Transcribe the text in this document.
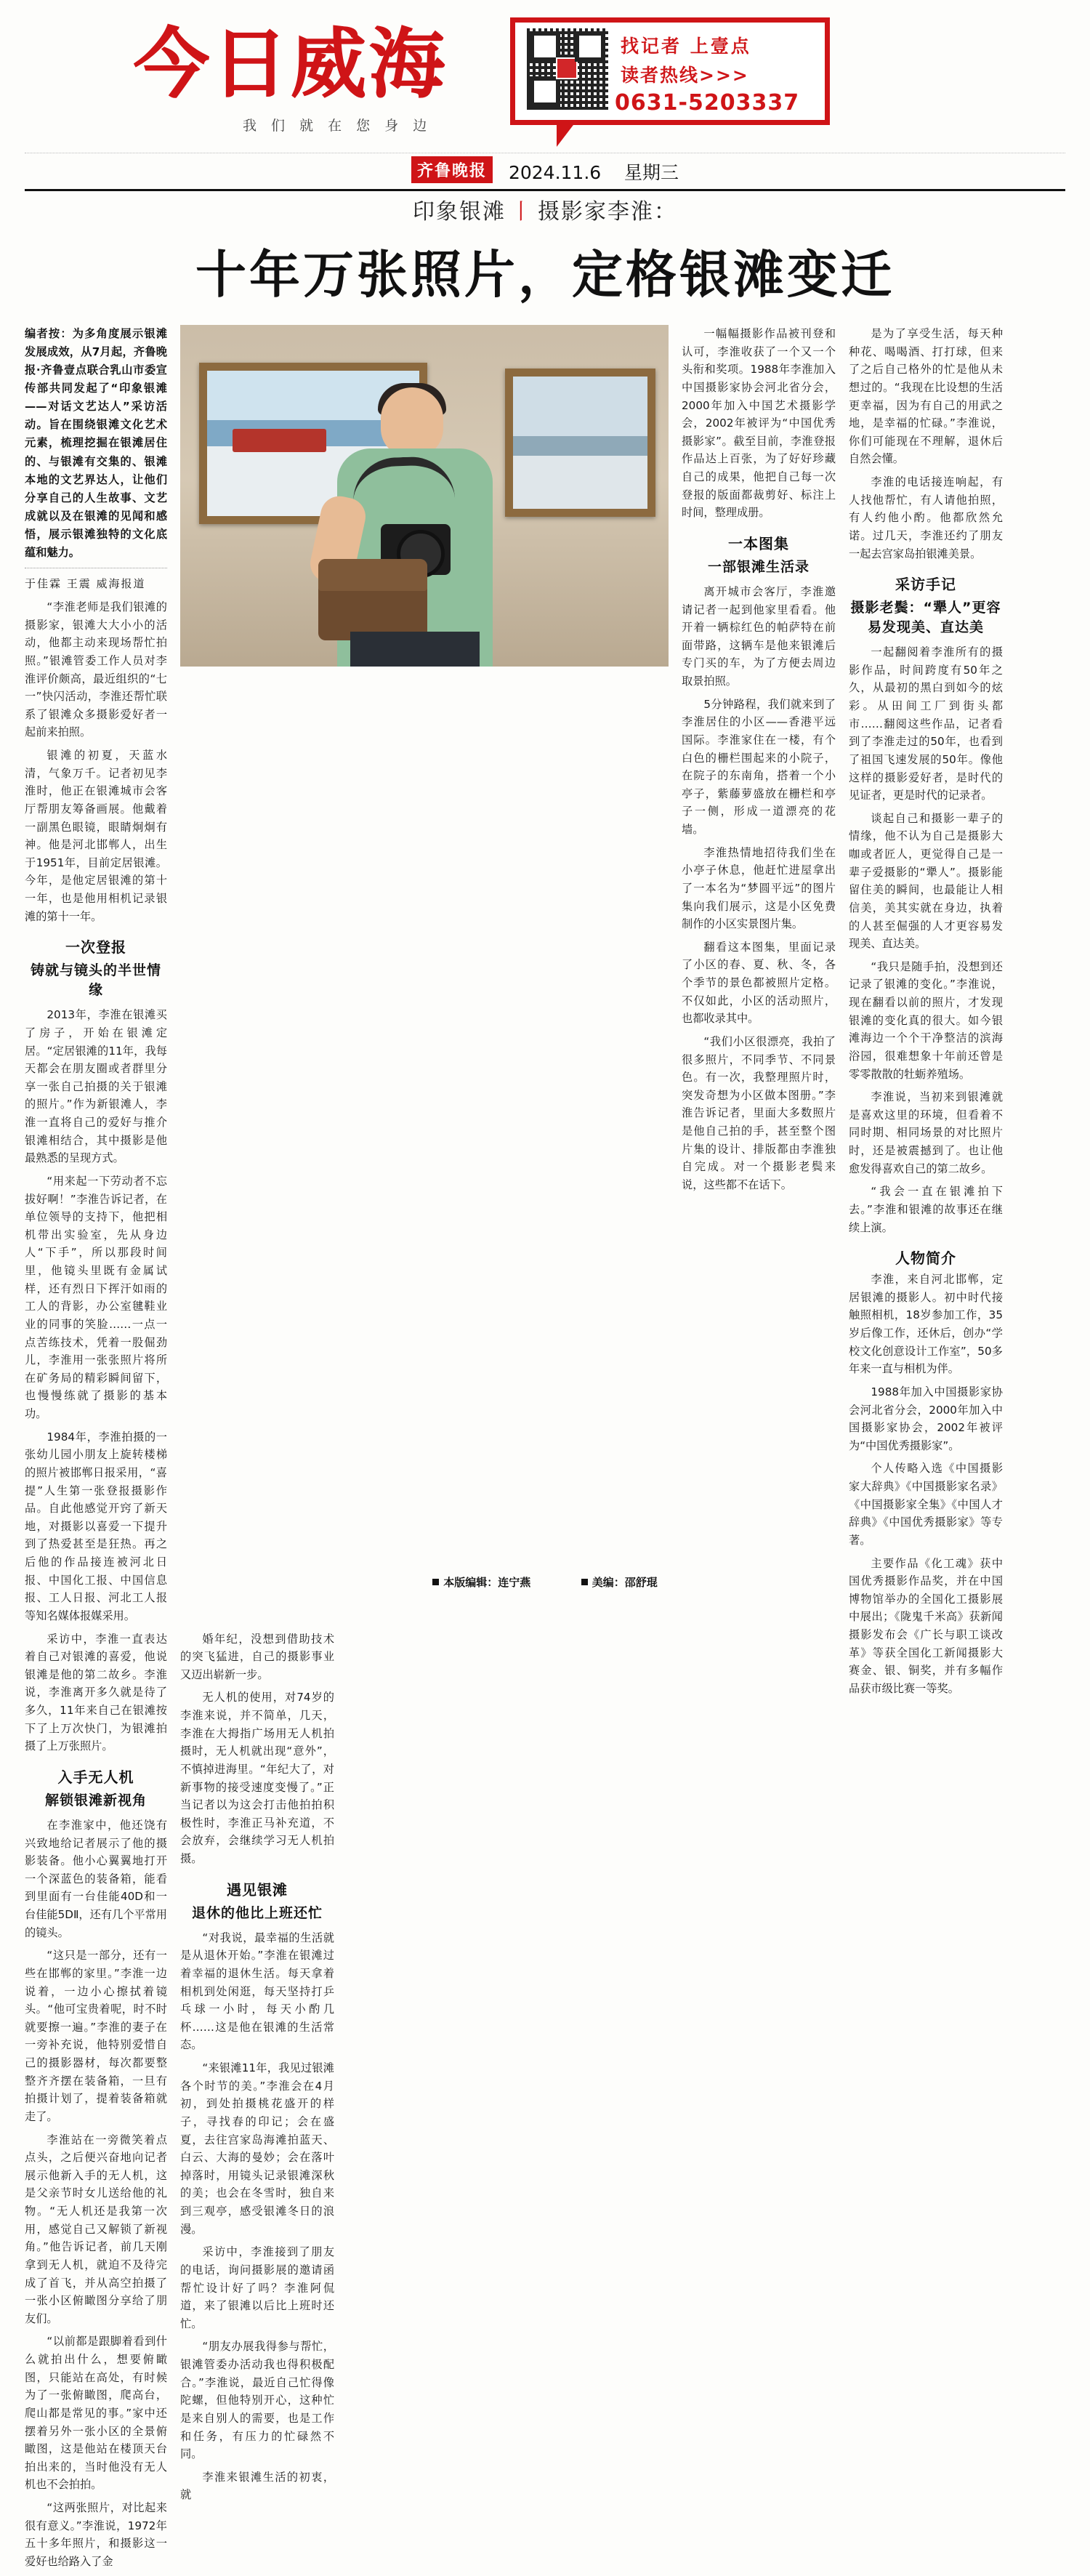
今日威海
我 们 就 在 您 身 边
找记者 上壹点
读者热线>>>
0631-5203337
齐鲁晚报 2024.11.6 星期三
印象银滩 丨 摄影家李淮：
十年万张照片，定格银滩变迁
编者按：为多角度展示银滩发展成效，从7月起，齐鲁晚报·齐鲁壹点联合乳山市委宣传部共同发起了“印象银滩——对话文艺达人”采访活动。旨在围绕银滩文化艺术元素，梳理挖掘在银滩居住的、与银滩有交集的、银滩本地的文艺界达人，让他们分享自己的人生故事、文艺成就以及在银滩的见闻和感悟，展示银滩独特的文化底蕴和魅力。
于佳霖 王震 威海报道

“李淮老师是我们银滩的摄影家，银滩大大小小的活动，他都主动来现场帮忙拍照。”银滩管委工作人员对李淮评价颇高，最近组织的“七一”快闪活动，李淮还帮忙联系了银滩众多摄影爱好者一起前来拍照。

银滩的初夏，天蓝水清，气象万千。记者初见李淮时，他正在银滩城市会客厅帮朋友筹备画展。他戴着一副黑色眼镜，眼睛炯炯有神。他是河北邯郸人，出生于1951年，目前定居银滩。今年，是他定居银滩的第十一年，也是他用相机记录银滩的第十一年。

一次登报
铸就与镜头的半世情缘

2013年，李淮在银滩买了房子，开始在银滩定居。“定居银滩的11年，我每天都会在朋友圈或者群里分享一张自己拍摄的关于银滩的照片。”作为新银滩人，李淮一直将自己的爱好与推介银滩相结合，其中摄影是他最熟悉的呈现方式。

“用来起一下劳动者不忘拔好啊！”李淮告诉记者，在单位领导的支持下，他把相机带出实验室，先从身边人“下手”，所以那段时间里，他镜头里既有金属试样，还有烈日下挥汗如雨的工人的背影，办公室毽鞋业业的同事的笑脸……一点一点苦练技术，凭着一股倔劲儿，李淮用一张张照片将所在矿务局的精彩瞬间留下，也慢慢练就了摄影的基本功。

1984年，李淮拍摄的一张幼儿园小朋友上旋转楼梯的照片被邯郸日报采用，“喜提”人生第一张登报摄影作品。自此他感觉开窍了新天地，对摄影以喜爱一下提升到了热爱甚至是狂热。再之后他的作品接连被河北日报、中国化工报、中国信息报、工人日报、河北工人报等知名媒体报媒采用。

一幅幅摄影作品被刊登和认可，李淮收获了一个又一个头衔和奖项。1988年李淮加入中国摄影家协会河北省分会，2000年加入中国艺术摄影学会，2002年被评为“中国优秀摄影家”。截至目前，李淮登报作品达上百张，为了好好珍藏自己的成果，他把自己每一次登报的版面都裁剪好、标注上时间，整理成册。

一本图集
一部银滩生活录

离开城市会客厅，李淮邀请记者一起到他家里看看。他开着一辆棕红色的帕萨特在前面带路，这辆车是他来银滩后专门买的车，为了方便去周边取景拍照。

5分钟路程，我们就来到了李淮居住的小区——香港平远国际。李淮家住在一楼，有个白色的栅栏围起来的小院子，在院子的东南角，搭着一个小亭子，紫藤萝盛放在栅栏和亭子一侧，形成一道漂亮的花墙。

李淮热情地招待我们坐在小亭子休息，他赶忙进屋拿出了一本名为“梦圆平远”的图片集向我们展示，这是小区免费制作的小区实景图片集。

翻看这本图集，里面记录了小区的春、夏、秋、冬，各个季节的景色都被照片定格。不仅如此，小区的活动照片，也都收录其中。

“我们小区很漂亮，我拍了很多照片，不同季节、不同景色。有一次，我整理照片时，突发奇想为小区做本图册。”李淮告诉记者，里面大多数照片是他自己拍的手，甚至整个图片集的设计、排版都由李淮独自完成。对一个摄影老鬓来说，这些都不在话下。

采访中，李淮一直表达着自己对银滩的喜爱，他说银滩是他的第二故乡。李淮说，李淮离开多久就是待了多久，11年来自己在银滩按下了上万次快门，为银滩拍摄了上万张照片。

入手无人机
解锁银滩新视角

在李淮家中，他还饶有兴致地给记者展示了他的摄影装备。他小心翼翼地打开一个深蓝色的装备箱，能看到里面有一台佳能40D和一台佳能5DⅡ，还有几个平常用的镜头。

“这只是一部分，还有一些在邯郸的家里。”李淮一边说着，一边小心擦拭着镜头。“他可宝贵着呢，时不时就要擦一遍。”李淮的妻子在一旁补充说，他特别爱惜自己的摄影器材，每次都要整整齐齐摆在装备箱，一旦有拍摄计划了，提着装备箱就走了。

李淮站在一旁微笑着点点头，之后便兴奋地向记者展示他新入手的无人机，这是父亲节时女儿送给他的礼物。“无人机还是我第一次用，感觉自己又解锁了新视角。”他告诉记者，前几天刚拿到无人机，就迫不及待完成了首飞，并从高空拍摄了一张小区俯瞰图分享给了朋友们。

“以前都是跟脚着看到什么就拍出什么，想要俯瞰图，只能站在高处，有时候为了一张俯瞰图，爬高台，爬山都是常见的事。”家中还摆着另外一张小区的全景俯瞰图，这是他站在楼顶天台拍出来的，当时他没有无人机也不会拍拍。

“这两张照片，对比起来很有意义。”李淮说，1972年五十多年照片，和摄影这一爱好也给路入了金

婚年纪，没想到借助技术的突飞猛进，自己的摄影事业又迈出崭新一步。

无人机的使用，对74岁的李淮来说，并不简单，几天，李淮在大拇指广场用无人机拍摄时，无人机就出现“意外”，不慎掉进海里。“年纪大了，对新事物的接受速度变慢了。”正当记者以为这会打击他拍拍积极性时，李淮正马补充道，不会放弃，会继续学习无人机拍摄。

遇见银滩
退休的他比上班还忙

“对我说，最幸福的生活就是从退休开始。”李淮在银滩过着幸福的退休生活。每天拿着相机到处闲逛，每天坚持打乒乓球一小时，每天小酌几杯……这是他在银滩的生活常态。

“来银滩11年，我见过银滩各个时节的美。”李淮会在4月初，到处拍摄桃花盛开的样子，寻找春的印记；会在盛夏，去往宫家岛海滩拍蓝天、白云、大海的曼妙；会在落叶掉落时，用镜头记录银滩深秋的美；也会在冬雪时，独自来到三观亭，感受银滩冬日的浪漫。

采访中，李淮接到了朋友的电话，询问摄影展的邀请函帮忙设计好了吗？李淮阿侃道，来了银滩以后比上班时还忙。

“朋友办展我得参与帮忙，银滩管委办活动我也得积极配合。”李淮说，最近自己忙得像陀螺，但他特别开心，这种忙是来自别人的需要，也是工作和任务，有压力的忙碌然不同。

李淮来银滩生活的初衷，就

是为了享受生活，每天种种花、喝喝酒、打打球，但来了之后自己格外的忙是他从未想过的。“我现在比设想的生活更幸福，因为有自己的用武之地，是幸福的忙碌。”李淮说，你们可能现在不理解，退休后自然会懂。

李淮的电话接连响起，有人找他帮忙，有人请他拍照，有人约他小酌。他都欣然允诺。过几天，李淮还约了朋友一起去宫家岛拍银滩美景。

采访手记
摄影老鬓：“犟人”更容易发现美、直达美

一起翻阅着李淮所有的摄影作品，时间跨度有50年之久，从最初的黑白到如今的炫彩。从田间工厂到街头都市……翻阅这些作品，记者看到了李淮走过的50年，也看到了祖国飞速发展的50年。像他这样的摄影爱好者，是时代的见证者，更是时代的记录者。

谈起自己和摄影一辈子的情缘，他不认为自己是摄影大咖或者匠人，更觉得自己是一辈子爱摄影的“犟人”。摄影能留住美的瞬间，也最能让人相信美，美其实就在身边，执着的人甚至倔强的人才更容易发现美、直达美。

“我只是随手拍，没想到还记录了银滩的变化。”李淮说，现在翻看以前的照片，才发现银滩的变化真的很大。如今银滩海边一个个干净整洁的滨海浴园，很难想象十年前还曾是零零散散的牡蛎养殖场。

李淮说，当初来到银滩就是喜欢这里的环境，但看着不同时期、相同场景的对比照片时，还是被震撼到了。也让他愈发得喜欢自己的第二故乡。

“我会一直在银滩拍下去。”李淮和银滩的故事还在继续上演。

人物简介

李淮，来自河北邯郸，定居银滩的摄影人。初中时代接触照相机，18岁参加工作，35岁后像工作，还休后，创办“学校文化创意设计工作室”，50多年来一直与相机为伴。

1988年加入中国摄影家协会河北省分会，2000年加入中国摄影家协会，2002年被评为“中国优秀摄影家”。

个人传略入选《中国摄影家大辞典》《中国摄影家名录》《中国摄影家全集》《中国人才辞典》《中国优秀摄影家》等专著。

主要作品《化工魂》获中国优秀摄影作品奖，并在中国博物馆举办的全国化工摄影展中展出；《陇鬼千米高》获新闻摄影发布会《广长与职工谈改革》等获全国化工新闻摄影大赛金、银、铜奖，并有多幅作品获市级比赛一等奖。

本版编辑：连宁燕	美编：邵舒琨
